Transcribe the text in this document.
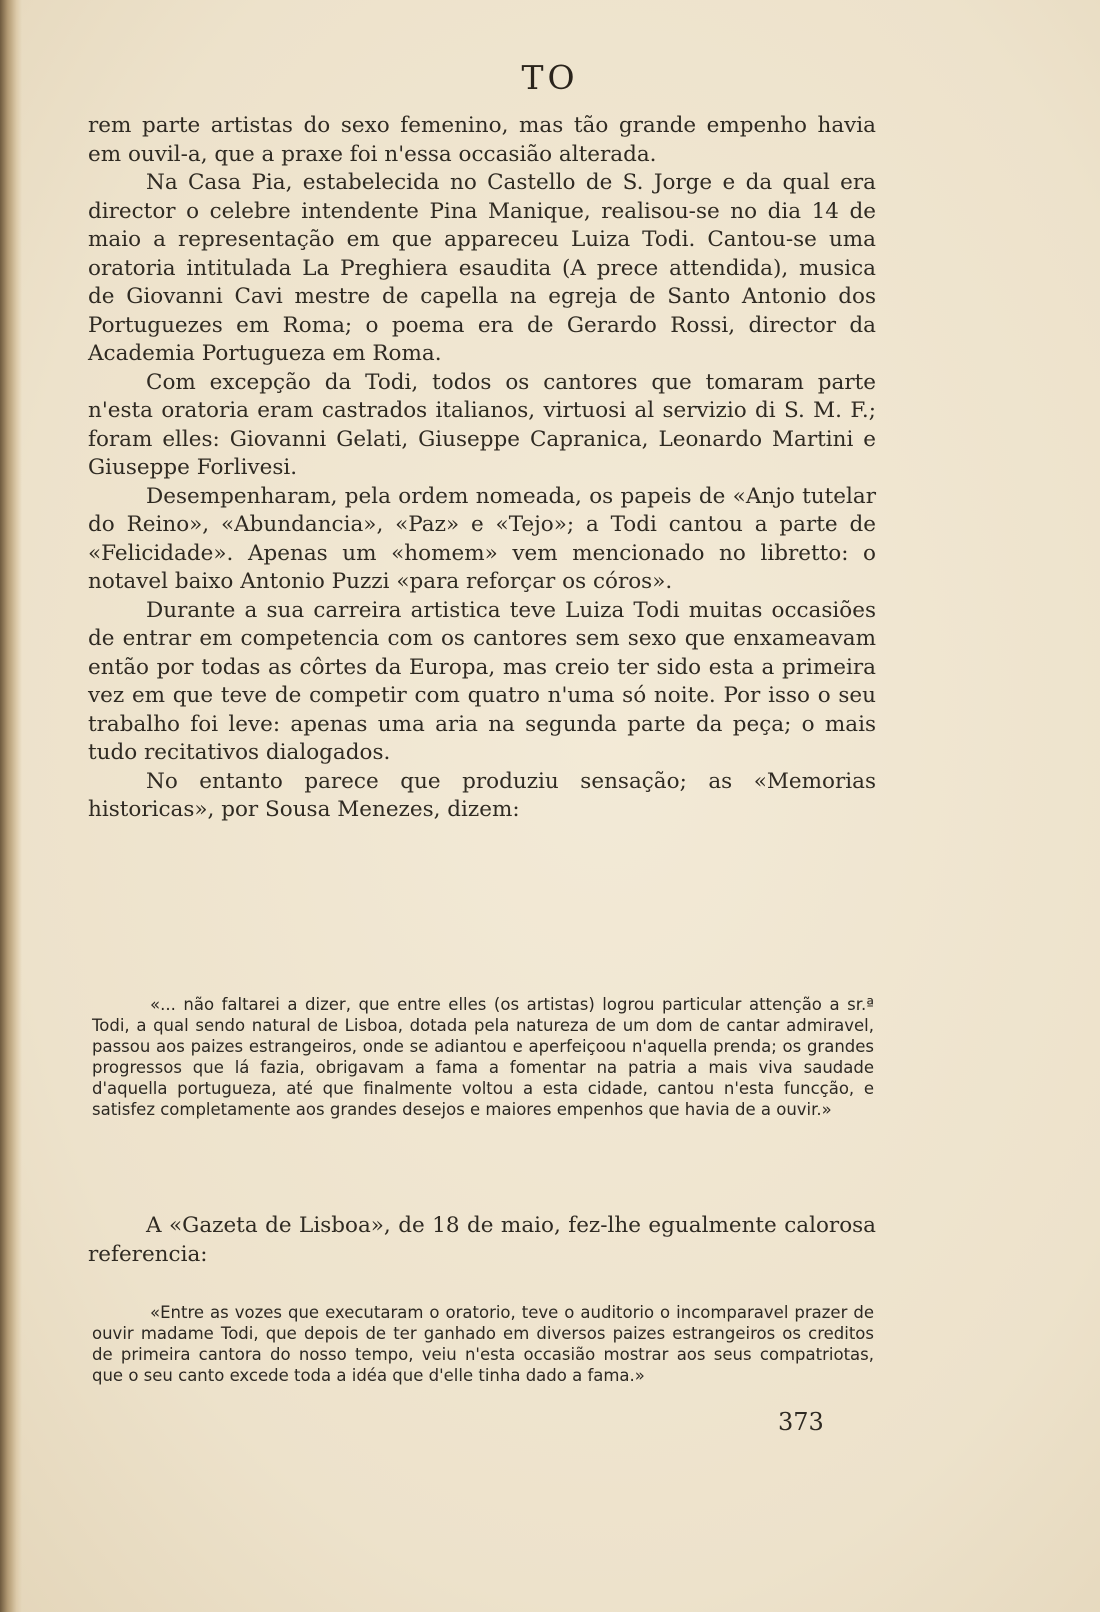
TO

rem parte artistas do sexo femenino, mas tão grande empenho havia em ouvil-a, que a praxe foi n'essa occasião alterada.

Na Casa Pia, estabelecida no Castello de S. Jorge e da qual era director o celebre intendente Pina Manique, realisou-se no dia 14 de maio a representação em que appareceu Luiza Todi. Cantou-se uma oratoria intitulada La Preghiera esaudita (A prece attendida), musica de Giovanni Cavi mestre de capella na egreja de Santo Antonio dos Portuguezes em Roma; o poema era de Gerardo Rossi, director da Academia Portugueza em Roma.

Com excepção da Todi, todos os cantores que tomaram parte n'esta oratoria eram castrados italianos, virtuosi al servizio di S. M. F.; foram elles: Giovanni Gelati, Giuseppe Capranica, Leonardo Martini e Giuseppe Forlivesi.

Desempenharam, pela ordem nomeada, os papeis de «Anjo tutelar do Reino», «Abundancia», «Paz» e «Tejo»; a Todi cantou a parte de «Felicidade». Apenas um «homem» vem mencionado no libretto: o notavel baixo Antonio Puzzi «para reforçar os córos».

Durante a sua carreira artistica teve Luiza Todi muitas occasiões de entrar em competencia com os cantores sem sexo que enxameavam então por todas as côrtes da Europa, mas creio ter sido esta a primeira vez em que teve de competir com quatro n'uma só noite. Por isso o seu trabalho foi leve: apenas uma aria na segunda parte da peça; o mais tudo recitativos dialogados.

No entanto parece que produziu sensação; as «Memorias historicas», por Sousa Menezes, dizem:

«... não faltarei a dizer, que entre elles (os artistas) logrou particular attenção a sr.ª Todi, a qual sendo natural de Lisboa, dotada pela natureza de um dom de cantar admiravel, passou aos paizes estrangeiros, onde se adiantou e aperfeiçoou n'aquella prenda; os grandes progressos que lá fazia, obrigavam a fama a fomentar na patria a mais viva saudade d'aquella portugueza, até que finalmente voltou a esta cidade, cantou n'esta funcção, e satisfez completamente aos grandes desejos e maiores empenhos que havia de a ouvir.»

A «Gazeta de Lisboa», de 18 de maio, fez-lhe egualmente calorosa referencia:

«Entre as vozes que executaram o oratorio, teve o auditorio o incomparavel prazer de ouvir madame Todi, que depois de ter ganhado em diversos paizes estrangeiros os creditos de primeira cantora do nosso tempo, veiu n'esta occasião mostrar aos seus compatriotas, que o seu canto excede toda a idéa que d'elle tinha dado a fama.»

373
